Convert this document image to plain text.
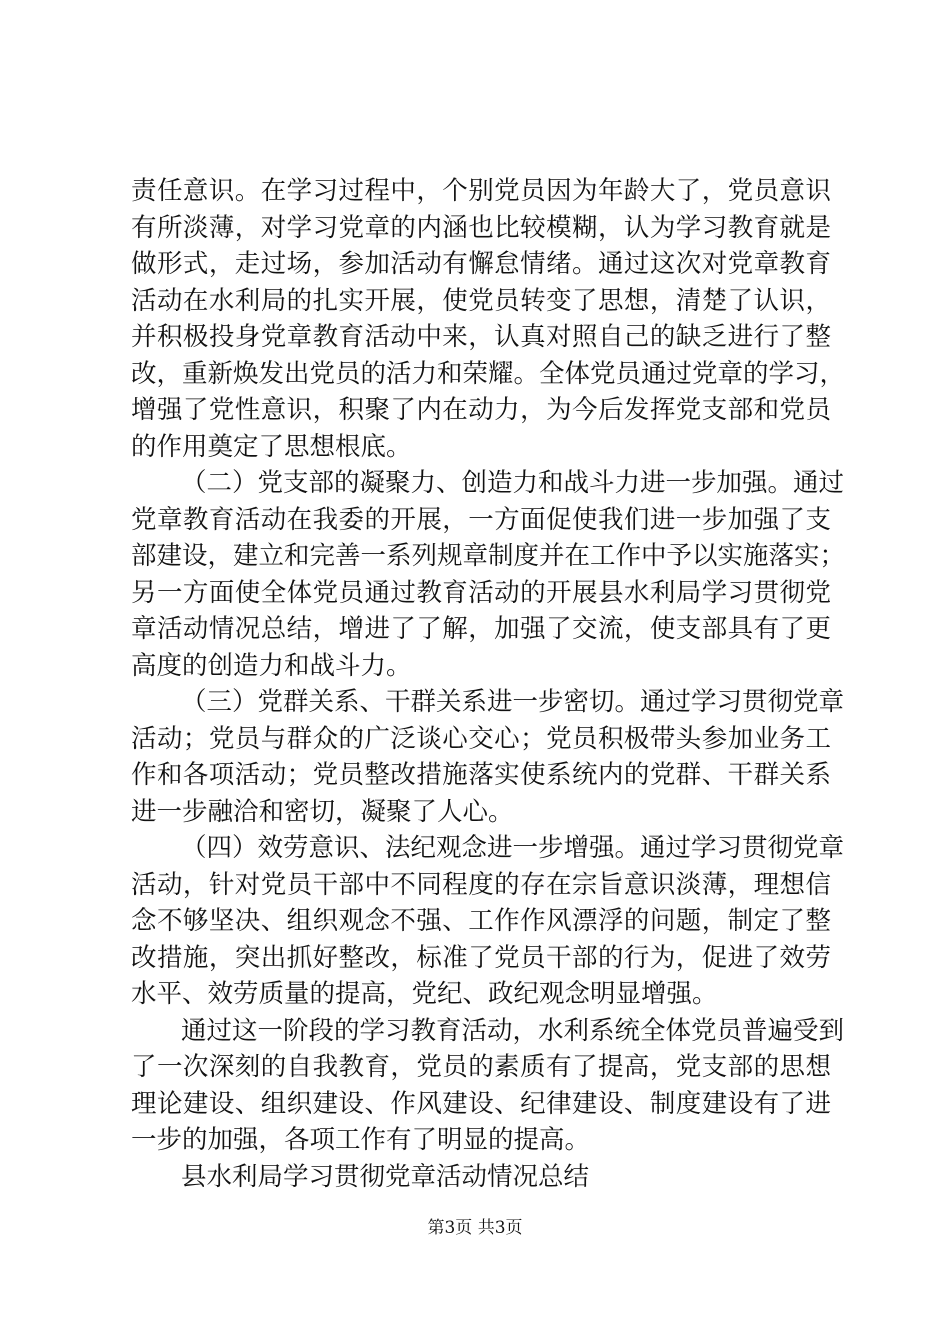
责任意识。在学习过程中，个别党员因为年龄大了，党员意识
有所淡薄，对学习党章的内涵也比较模糊，认为学习教育就是
做形式，走过场，参加活动有懈怠情绪。通过这次对党章教育
活动在水利局的扎实开展，使党员转变了思想，清楚了认识，
并积极投身党章教育活动中来，认真对照自己的缺乏进行了整
改，重新焕发出党员的活力和荣耀。全体党员通过党章的学习，
增强了党性意识，积聚了内在动力，为今后发挥党支部和党员
的作用奠定了思想根底。
（二）党支部的凝聚力、创造力和战斗力进一步加强。通过
党章教育活动在我委的开展，一方面促使我们进一步加强了支
部建设，建立和完善一系列规章制度并在工作中予以实施落实；
另一方面使全体党员通过教育活动的开展县水利局学习贯彻党
章活动情况总结，增进了了解，加强了交流，使支部具有了更
高度的创造力和战斗力。
（三）党群关系、干群关系进一步密切。通过学习贯彻党章
活动；党员与群众的广泛谈心交心；党员积极带头参加业务工
作和各项活动；党员整改措施落实使系统内的党群、干群关系
进一步融洽和密切，凝聚了人心。
（四）效劳意识、法纪观念进一步增强。通过学习贯彻党章
活动，针对党员干部中不同程度的存在宗旨意识淡薄，理想信
念不够坚决、组织观念不强、工作作风漂浮的问题，制定了整
改措施，突出抓好整改，标准了党员干部的行为，促进了效劳
水平、效劳质量的提高，党纪、政纪观念明显增强。
通过这一阶段的学习教育活动，水利系统全体党员普遍受到
了一次深刻的自我教育，党员的素质有了提高，党支部的思想
理论建设、组织建设、作风建设、纪律建设、制度建设有了进
一步的加强，各项工作有了明显的提高。
县水利局学习贯彻党章活动情况总结
第3页 共3页
